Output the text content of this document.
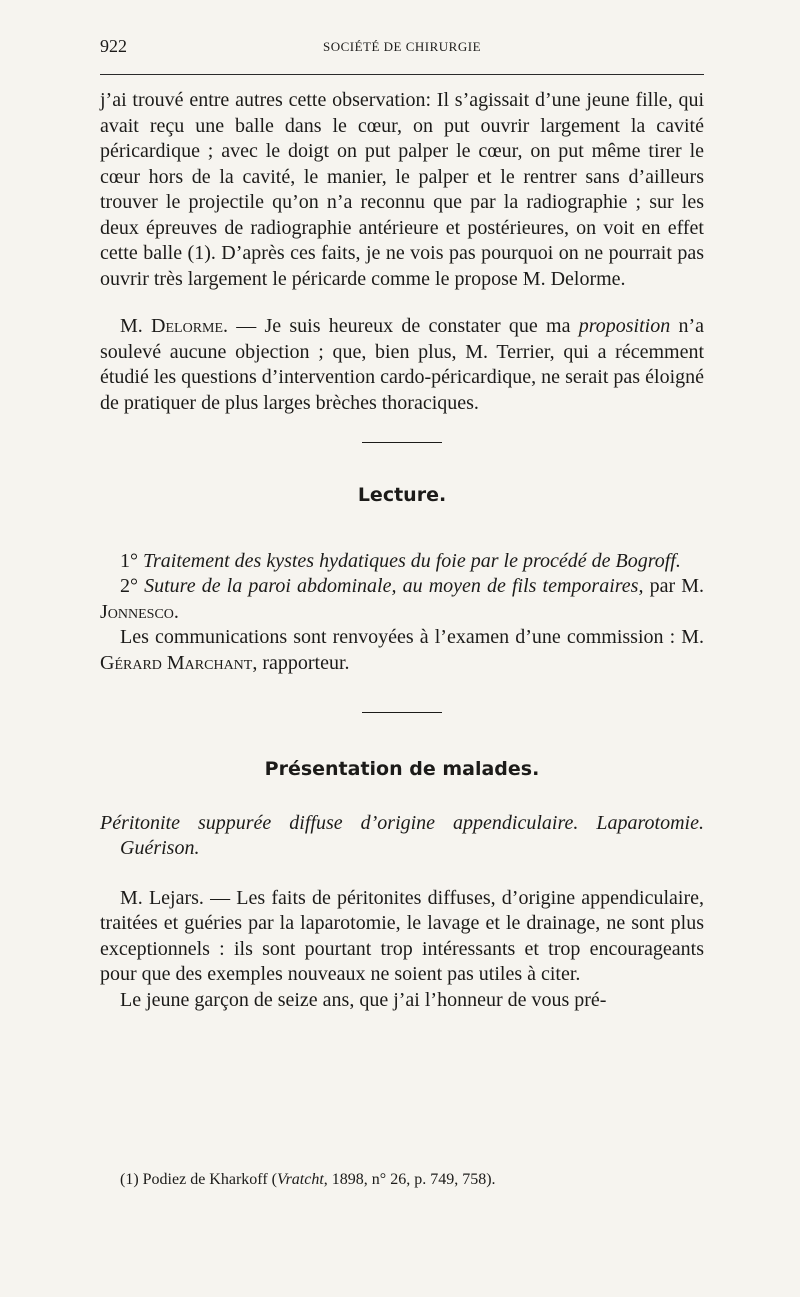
922	SOCIÉTÉ DE CHIRURGIE

j’ai trouvé entre autres cette observation: Il s’agissait d’une jeune fille, qui avait reçu une balle dans le cœur, on put ouvrir largement la cavité péricardique ; avec le doigt on put palper le cœur, on put même tirer le cœur hors de la cavité, le manier, le palper et le rentrer sans d’ailleurs trouver le projectile qu’on n’a reconnu que par la radiographie ; sur les deux épreuves de radiographie antérieure et postérieures, on voit en effet cette balle (1). D’après ces faits, je ne vois pas pourquoi on ne pourrait pas ouvrir très largement le péricarde comme le propose M. Delorme.

M. Delorme. — Je suis heureux de constater que ma proposition n’a soulevé aucune objection ; que, bien plus, M. Terrier, qui a récemment étudié les questions d’intervention cardo-péricardique, ne serait pas éloigné de pratiquer de plus larges brèches thoraciques.

Lecture.

1° Traitement des kystes hydatiques du foie par le procédé de Bogroff.

2° Suture de la paroi abdominale, au moyen de fils temporaires, par M. Jonnesco.

Les communications sont renvoyées à l’examen d’une commission : M. Gérard Marchant, rapporteur.

Présentation de malades.

Péritonite suppurée diffuse d’origine appendiculaire. Laparotomie. Guérison.

M. Lejars. — Les faits de péritonites diffuses, d’origine appendiculaire, traitées et guéries par la laparotomie, le lavage et le drainage, ne sont plus exceptionnels : ils sont pourtant trop intéressants et trop encourageants pour que des exemples nouveaux ne soient pas utiles à citer.

Le jeune garçon de seize ans, que j’ai l’honneur de vous pré-

(1) Podiez de Kharkoff (Vratcht, 1898, n° 26, p. 749, 758).
